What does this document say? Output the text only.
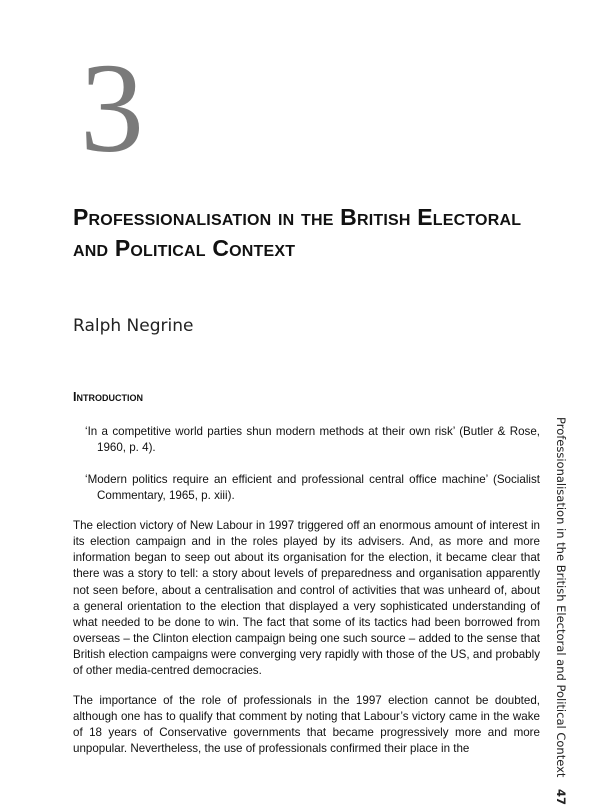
3
Professionalisation in the British Electoral and Political Context
Ralph Negrine
Introduction

‘In a competitive world parties shun modern methods at their own risk’ (Butler & Rose, 1960, p. 4).

‘Modern politics require an efficient and professional central office machine’ (Socialist Commentary, 1965, p. xiii).

The election victory of New Labour in 1997 triggered off an enormous amount of interest in its election campaign and in the roles played by its advisers. And, as more and more information began to seep out about its organisation for the election, it became clear that there was a story to tell: a story about levels of preparedness and organisation apparently not seen before, about a centralisation and control of activities that was unheard of, about a general orientation to the election that displayed a very sophisticated understanding of what needed to be done to win. The fact that some of its tactics had been borrowed from overseas – the Clinton election campaign being one such source – added to the sense that British election campaigns were converging very rapidly with those of the US, and probably of other media-centred democracies.

The importance of the role of professionals in the 1997 election cannot be doubted, although one has to qualify that comment by noting that Labour’s victory came in the wake of 18 years of Conservative governments that became progressively more and more unpopular. Nevertheless, the use of professionals confirmed their place in the	Professionalisation in the British Electoral and Political Context 47
